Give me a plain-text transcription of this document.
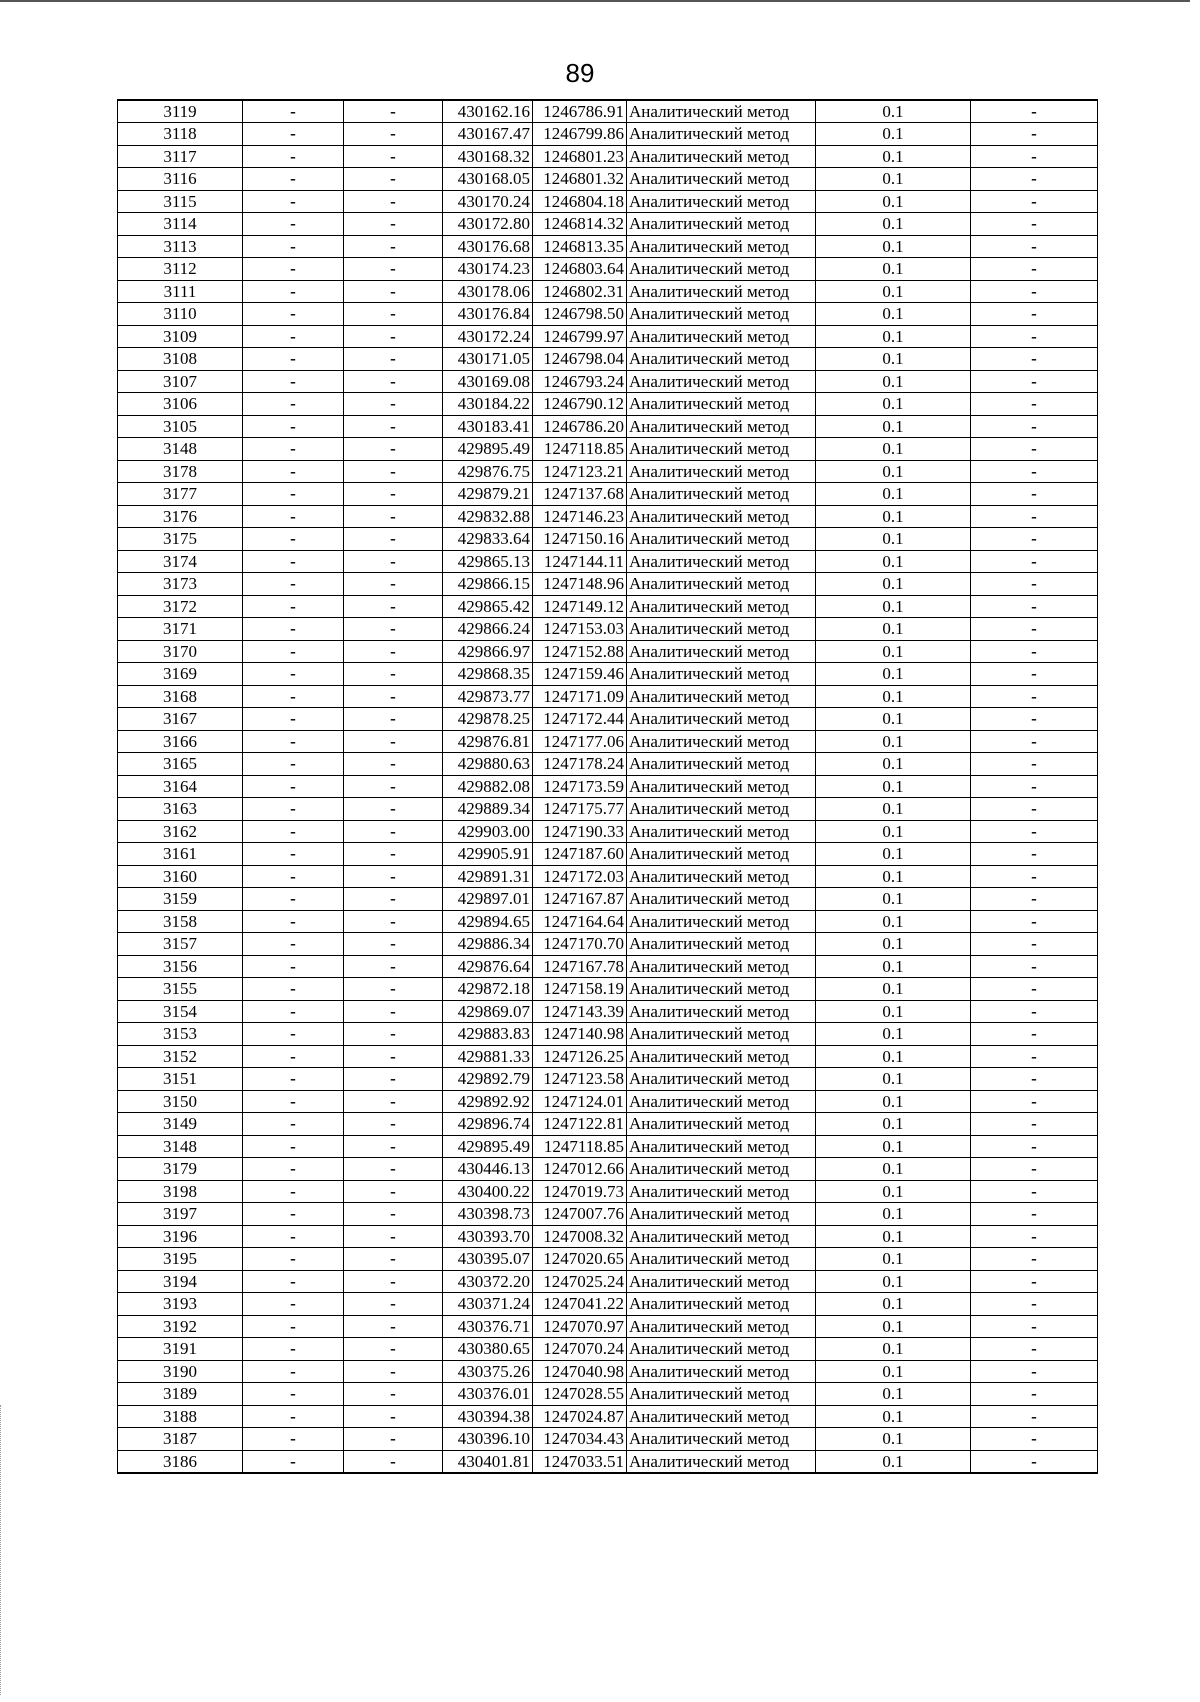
89
3119	-	-	430162.16	1246786.91	Аналитический метод	0.1	-
3118	-	-	430167.47	1246799.86	Аналитический метод	0.1	-
3117	-	-	430168.32	1246801.23	Аналитический метод	0.1	-
3116	-	-	430168.05	1246801.32	Аналитический метод	0.1	-
3115	-	-	430170.24	1246804.18	Аналитический метод	0.1	-
3114	-	-	430172.80	1246814.32	Аналитический метод	0.1	-
3113	-	-	430176.68	1246813.35	Аналитический метод	0.1	-
3112	-	-	430174.23	1246803.64	Аналитический метод	0.1	-
3111	-	-	430178.06	1246802.31	Аналитический метод	0.1	-
3110	-	-	430176.84	1246798.50	Аналитический метод	0.1	-
3109	-	-	430172.24	1246799.97	Аналитический метод	0.1	-
3108	-	-	430171.05	1246798.04	Аналитический метод	0.1	-
3107	-	-	430169.08	1246793.24	Аналитический метод	0.1	-
3106	-	-	430184.22	1246790.12	Аналитический метод	0.1	-
3105	-	-	430183.41	1246786.20	Аналитический метод	0.1	-
3148	-	-	429895.49	1247118.85	Аналитический метод	0.1	-
3178	-	-	429876.75	1247123.21	Аналитический метод	0.1	-
3177	-	-	429879.21	1247137.68	Аналитический метод	0.1	-
3176	-	-	429832.88	1247146.23	Аналитический метод	0.1	-
3175	-	-	429833.64	1247150.16	Аналитический метод	0.1	-
3174	-	-	429865.13	1247144.11	Аналитический метод	0.1	-
3173	-	-	429866.15	1247148.96	Аналитический метод	0.1	-
3172	-	-	429865.42	1247149.12	Аналитический метод	0.1	-
3171	-	-	429866.24	1247153.03	Аналитический метод	0.1	-
3170	-	-	429866.97	1247152.88	Аналитический метод	0.1	-
3169	-	-	429868.35	1247159.46	Аналитический метод	0.1	-
3168	-	-	429873.77	1247171.09	Аналитический метод	0.1	-
3167	-	-	429878.25	1247172.44	Аналитический метод	0.1	-
3166	-	-	429876.81	1247177.06	Аналитический метод	0.1	-
3165	-	-	429880.63	1247178.24	Аналитический метод	0.1	-
3164	-	-	429882.08	1247173.59	Аналитический метод	0.1	-
3163	-	-	429889.34	1247175.77	Аналитический метод	0.1	-
3162	-	-	429903.00	1247190.33	Аналитический метод	0.1	-
3161	-	-	429905.91	1247187.60	Аналитический метод	0.1	-
3160	-	-	429891.31	1247172.03	Аналитический метод	0.1	-
3159	-	-	429897.01	1247167.87	Аналитический метод	0.1	-
3158	-	-	429894.65	1247164.64	Аналитический метод	0.1	-
3157	-	-	429886.34	1247170.70	Аналитический метод	0.1	-
3156	-	-	429876.64	1247167.78	Аналитический метод	0.1	-
3155	-	-	429872.18	1247158.19	Аналитический метод	0.1	-
3154	-	-	429869.07	1247143.39	Аналитический метод	0.1	-
3153	-	-	429883.83	1247140.98	Аналитический метод	0.1	-
3152	-	-	429881.33	1247126.25	Аналитический метод	0.1	-
3151	-	-	429892.79	1247123.58	Аналитический метод	0.1	-
3150	-	-	429892.92	1247124.01	Аналитический метод	0.1	-
3149	-	-	429896.74	1247122.81	Аналитический метод	0.1	-
3148	-	-	429895.49	1247118.85	Аналитический метод	0.1	-
3179	-	-	430446.13	1247012.66	Аналитический метод	0.1	-
3198	-	-	430400.22	1247019.73	Аналитический метод	0.1	-
3197	-	-	430398.73	1247007.76	Аналитический метод	0.1	-
3196	-	-	430393.70	1247008.32	Аналитический метод	0.1	-
3195	-	-	430395.07	1247020.65	Аналитический метод	0.1	-
3194	-	-	430372.20	1247025.24	Аналитический метод	0.1	-
3193	-	-	430371.24	1247041.22	Аналитический метод	0.1	-
3192	-	-	430376.71	1247070.97	Аналитический метод	0.1	-
3191	-	-	430380.65	1247070.24	Аналитический метод	0.1	-
3190	-	-	430375.26	1247040.98	Аналитический метод	0.1	-
3189	-	-	430376.01	1247028.55	Аналитический метод	0.1	-
3188	-	-	430394.38	1247024.87	Аналитический метод	0.1	-
3187	-	-	430396.10	1247034.43	Аналитический метод	0.1	-
3186	-	-	430401.81	1247033.51	Аналитический метод	0.1	-
